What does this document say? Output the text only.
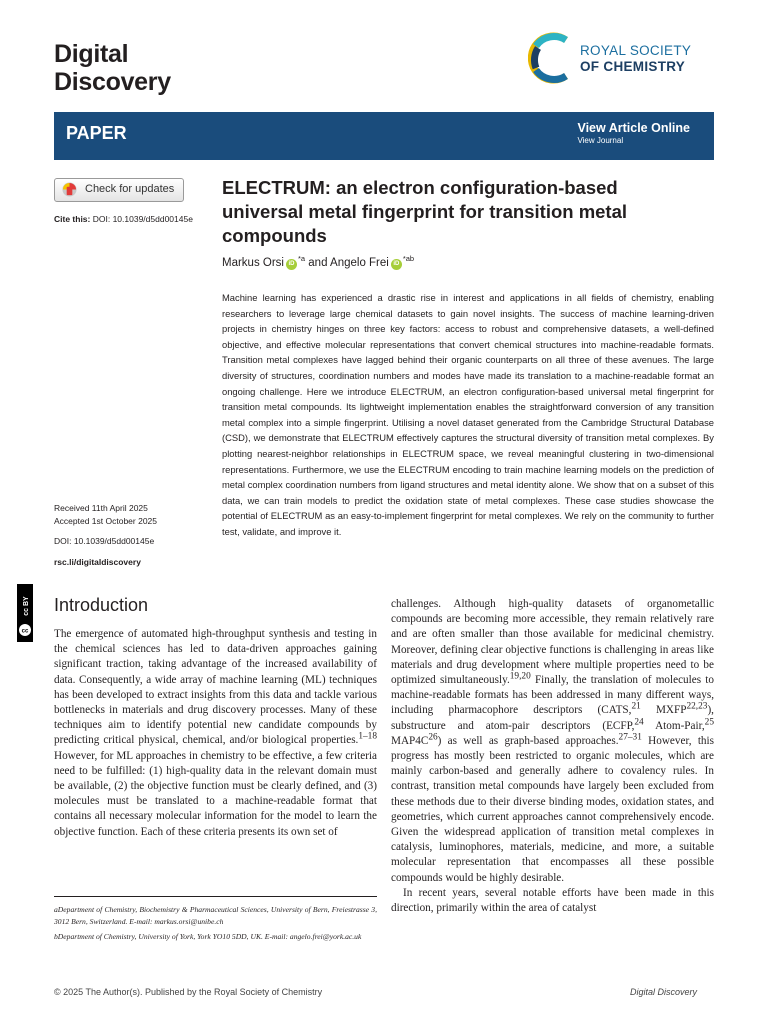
Digital
Discovery
ROYAL SOCIETY
OF CHEMISTRY
PAPER	View Article Online
View Journal
Check for updates
Cite this: DOI: 10.1039/d5dd00145e
Received 11th April 2025
Accepted 1st October 2025
DOI: 10.1039/d5dd00145e
rsc.li/digitaldiscovery
cc
cc BY
ELECTRUM: an electron configuration-based universal metal fingerprint for transition metal compounds
Markus Orsi $iD^{*a}$ and Angelo Frei $iD^{*ab}$
Machine learning has experienced a drastic rise in interest and applications in all fields of chemistry, enabling researchers to leverage large chemical datasets to gain novel insights. The success of machine learning-driven projects in chemistry hinges on three key factors: access to robust and comprehensive datasets, a well-defined objective, and effective molecular representations that convert chemical structures into machine-readable formats. Transition metal complexes have lagged behind their organic counterparts on all three of these avenues. The large diversity of structures, coordination numbers and modes have made its translation to a machine-readable format an ongoing challenge. Here we introduce ELECTRUM, an electron configuration-based universal metal fingerprint for transition metal compounds. Its lightweight implementation enables the straightforward conversion of any transition metal complex into a simple fingerprint. Utilising a novel dataset generated from the Cambridge Structural Database (CSD), we demonstrate that ELECTRUM effectively captures the structural diversity of transition metal complexes. By plotting nearest-neighbor relationships in ELECTRUM space, we reveal meaningful clustering in two-dimensional representations. Furthermore, we use the ELECTRUM encoding to train machine learning models on the prediction of metal complex coordination numbers from ligand structures and metal identity alone. We show that on a subset of this data, we can train models to predict the oxidation state of metal complexes. These case studies showcase the potential of ELECTRUM as an easy-to-implement fingerprint for metal complexes. We rely on the community to further test, validate, and improve it.
Introduction

The emergence of automated high-throughput synthesis and testing in the chemical sciences has led to data-driven approaches gaining significant traction, taking advantage of the increased availability of data. Consequently, a wide array of machine learning (ML) techniques has been developed to extract insights from this data and tackle various bottlenecks in materials and drug discovery processes. Many of these techniques aim to identify potential new candidate compounds by predicting critical physical, chemical, and/or biological properties.$^{1-18}$ However, for ML approaches in chemistry to be effective, a few criteria need to be fulfilled: (1) high-quality data in the relevant domain must be available, (2) the objective function must be clearly defined, and (3) molecules must be translated to a machine-readable format that contains all necessary molecular information for the model to learn the objective function. Each of these criteria presents its own set of

challenges. Although high-quality datasets of organometallic compounds are becoming more accessible, they remain relatively rare and are often smaller than those available for medicinal chemistry. Moreover, defining clear objective functions is challenging in areas like materials and drug development where multiple properties need to be optimized simultaneously.$^{19,20}$ Finally, the translation of molecules to machine-readable formats has been addressed in many different ways, including pharmacophore descriptors (CATS,$^{21}$ MXFP$^{22,23}$), substructure and atom-pair descriptors (ECFP,$^{24}$ Atom-Pair,$^{25}$ $MAP4C^{26}$) as well as graph-based approaches.$^{27-31}$ However, this progress has mostly been restricted to organic molecules, which are mainly carbon-based and generally adhere to covalency rules. In contrast, transition metal compounds have largely been excluded from these methods due to their diverse binding modes, oxidation states, and geometries, which current approaches cannot comprehensively encode. Given the widespread application of transition metal complexes in catalysis, luminophores, materials, medicine, and more, a suitable molecular representation that encompasses all these possible compounds would be highly desirable.

In recent years, several notable efforts have been made in this direction, primarily within the area of catalyst

aDepartment of Chemistry, Biochemistry & Pharmaceutical Sciences, University of Bern, Freiestrasse 3, 3012 Bern, Switzerland. E-mail: markus.orsi@unibe.ch

bDepartment of Chemistry, University of York, York YO10 5DD, UK. E-mail: angelo.frei@york.ac.uk

© 2025 The Author(s). Published by the Royal Society of Chemistry	Digital Discovery
